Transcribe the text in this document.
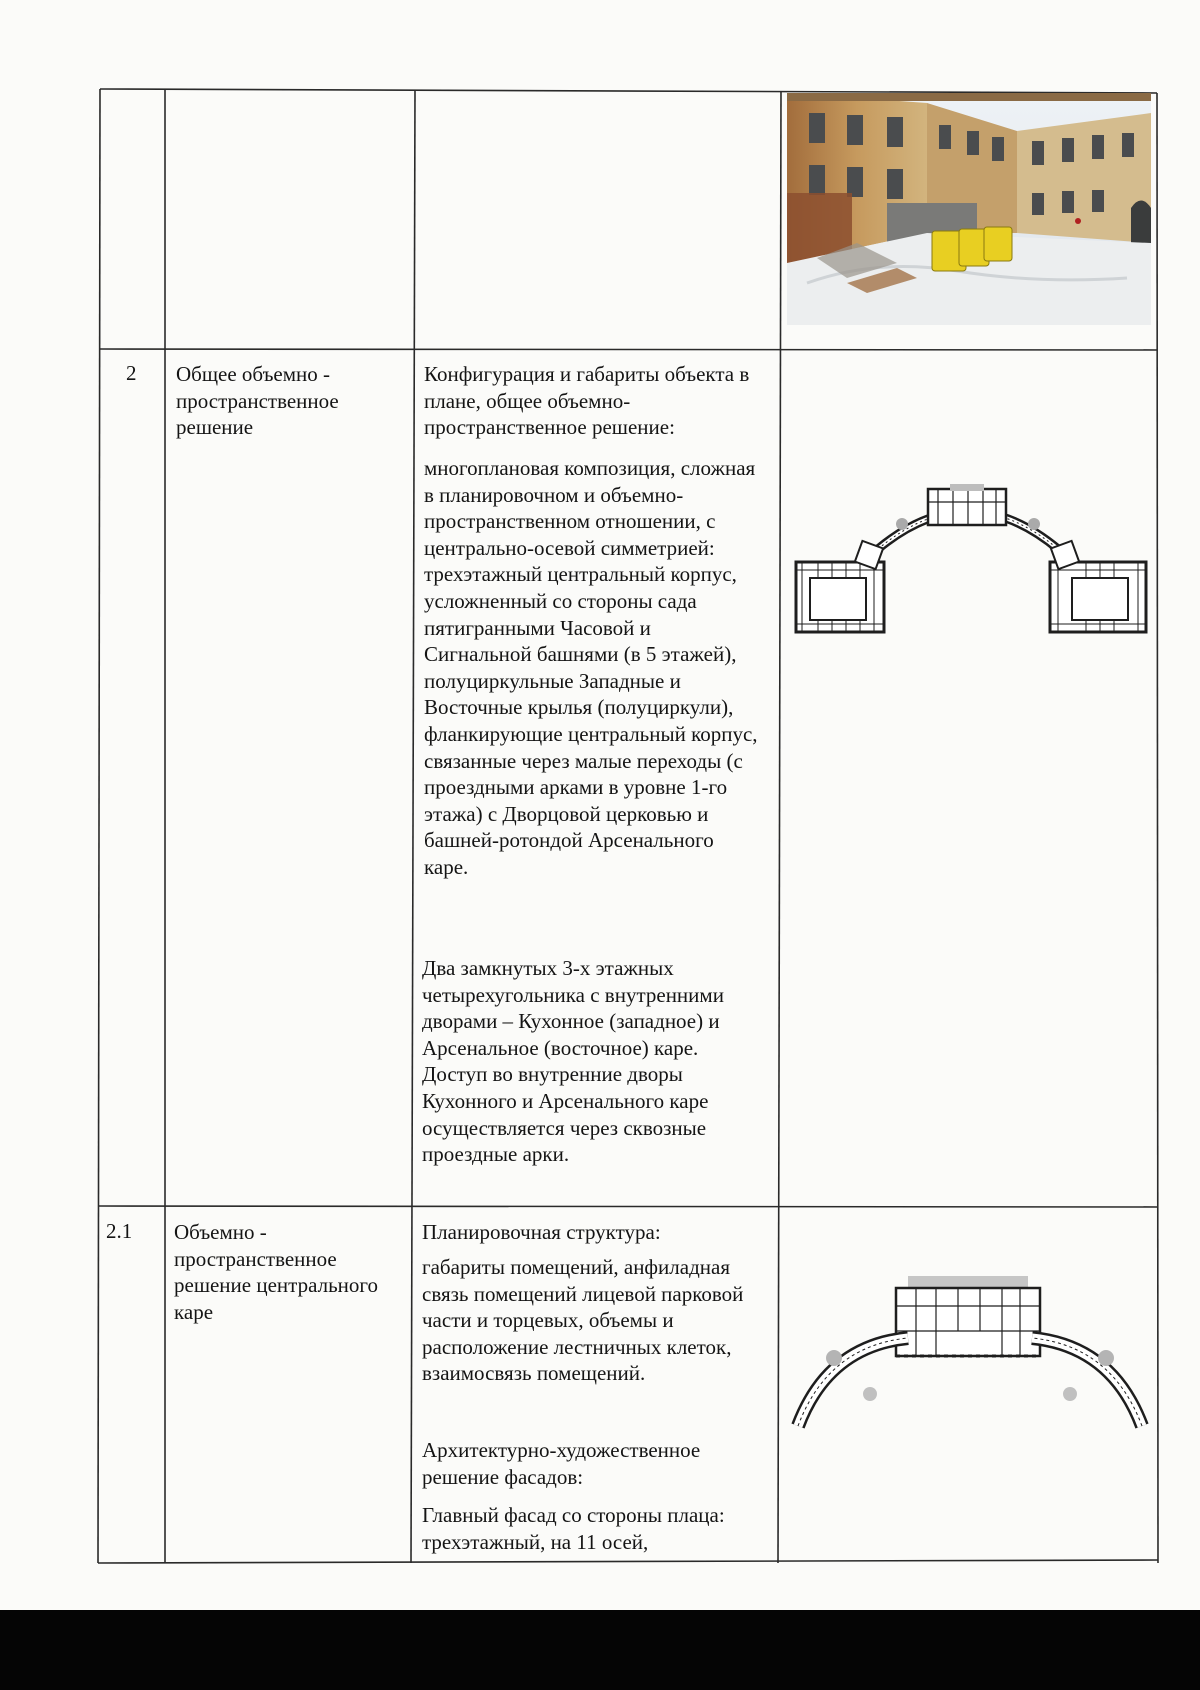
2 Общее объемно - пространственное решение
Конфигурация и габариты объекта в плане, общее объемно-пространственное решение:
многоплановая композиция, сложная в планировочном и объемно-пространственном отношении, с центрально-осевой симметрией: трехэтажный центральный корпус, усложненный со стороны сада пятигранными Часовой и Сигнальной башнями (в 5 этажей), полуциркульные Западные и Восточные крылья (полуциркули), фланкирующие центральный корпус, связанные через малые переходы (с проездными арками в уровне 1-го этажа) с Дворцовой церковью и башней-ротондой Арсенального каре.
Два замкнутых 3-х этажных четырехугольника с внутренними дворами – Кухонное (западное) и Арсенальное (восточное) каре. Доступ во внутренние дворы Кухонного и Арсенального каре осуществляется через сквозные проездные арки.
2.1 Объемно - пространственное решение центрального каре
Планировочная структура:
габариты помещений, анфиладная связь помещений лицевой парковой части и торцевых, объемы и расположение лестничных клеток, взаимосвязь помещений.
Архитектурно-художественное решение фасадов:
Главный фасад со стороны плаца: трехэтажный, на 11 осей,
